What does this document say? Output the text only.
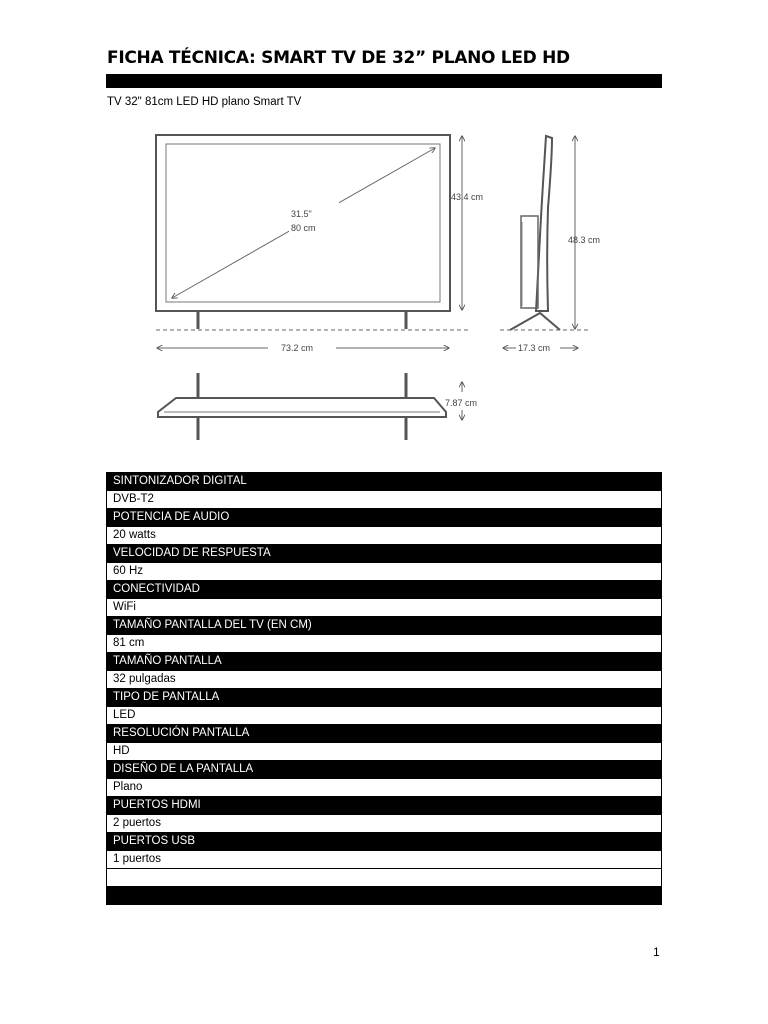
FICHA TÉCNICA: SMART TV DE 32” PLANO LED HD
TV 32" 81cm LED HD plano Smart TV
31.5"
80 cm
43.4 cm
73.2 cm
48.3 cm
17.3 cm
7.87 cm
SINTONIZADOR DIGITAL
DVB-T2
POTENCIA DE AUDIO
20 watts
VELOCIDAD DE RESPUESTA
60 Hz
CONECTIVIDAD
WiFi
TAMAÑO PANTALLA DEL TV (EN CM)
81 cm
TAMAÑO PANTALLA
32 pulgadas
TIPO DE PANTALLA
LED
RESOLUCIÓN PANTALLA
HD
DISEÑO DE LA PANTALLA
Plano
PUERTOS HDMI
2 puertos
PUERTOS USB
1 puertos

1
